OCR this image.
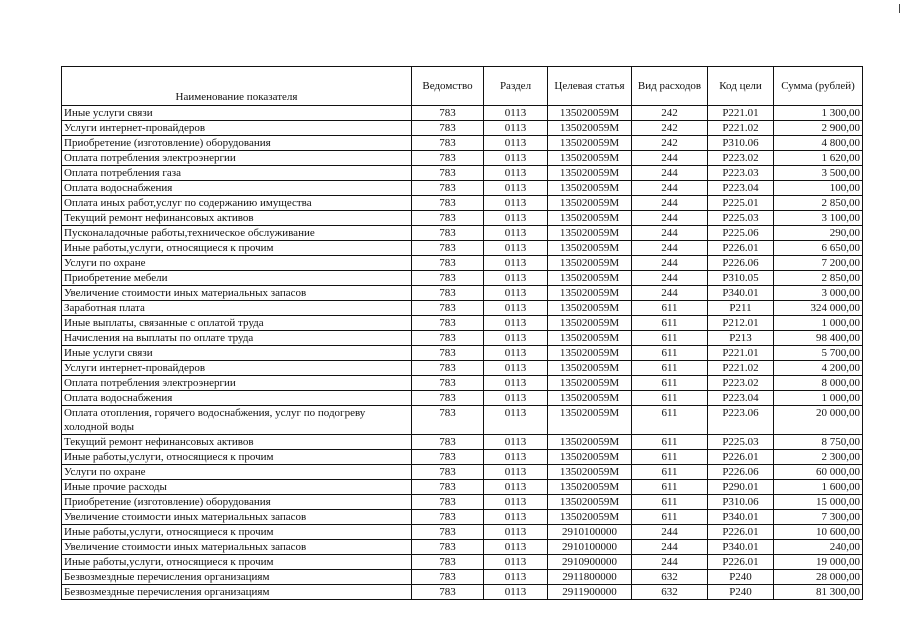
Наименование показателя	Ведомство	Раздел	Целевая статья	Вид расходов	Код цели	Сумма (рублей)
Иные услуги связи	783	0113	135020059М	242	Р221.01	1 300,00
Услуги интернет-провайдеров	783	0113	135020059М	242	Р221.02	2 900,00
Приобретение (изготовление) оборудования	783	0113	135020059М	242	Р310.06	4 800,00
Оплата потребления электроэнергии	783	0113	135020059М	244	Р223.02	1 620,00
Оплата потребления газа	783	0113	135020059М	244	Р223.03	3 500,00
Оплата водоснабжения	783	0113	135020059М	244	Р223.04	100,00
Оплата иных работ,услуг по содержанию имущества	783	0113	135020059М	244	Р225.01	2 850,00
Текущий ремонт нефинансовых активов	783	0113	135020059М	244	Р225.03	3 100,00
Пусконаладочные работы,техническое обслуживание	783	0113	135020059М	244	Р225.06	290,00
Иные работы,услуги, относящиеся к прочим	783	0113	135020059М	244	Р226.01	6 650,00
Услуги по охране	783	0113	135020059М	244	Р226.06	7 200,00
Приобретение мебели	783	0113	135020059М	244	Р310.05	2 850,00
Увеличение стоимости иных материальных запасов	783	0113	135020059М	244	Р340.01	3 000,00
Заработная плата	783	0113	135020059М	611	Р211	324 000,00
Иные выплаты, связанные с оплатой труда	783	0113	135020059М	611	Р212.01	1 000,00
Начисления на выплаты по оплате труда	783	0113	135020059М	611	Р213	98 400,00
Иные услуги связи	783	0113	135020059М	611	Р221.01	5 700,00
Услуги интернет-провайдеров	783	0113	135020059М	611	Р221.02	4 200,00
Оплата потребления электроэнергии	783	0113	135020059М	611	Р223.02	8 000,00
Оплата водоснабжения	783	0113	135020059М	611	Р223.04	1 000,00
Оплата отопления, горячего водоснабжения, услуг по подогреву холодной воды	783	0113	135020059М	611	Р223.06	20 000,00
Текущий ремонт нефинансовых активов	783	0113	135020059М	611	Р225.03	8 750,00
Иные работы,услуги, относящиеся к прочим	783	0113	135020059М	611	Р226.01	2 300,00
Услуги по охране	783	0113	135020059М	611	Р226.06	60 000,00
Иные прочие расходы	783	0113	135020059М	611	Р290.01	1 600,00
Приобретение (изготовление) оборудования	783	0113	135020059М	611	Р310.06	15 000,00
Увеличение стоимости иных материальных запасов	783	0113	135020059М	611	Р340.01	7 300,00
Иные работы,услуги, относящиеся к прочим	783	0113	2910100000	244	Р226.01	10 600,00
Увеличение стоимости иных материальных запасов	783	0113	2910100000	244	Р340.01	240,00
Иные работы,услуги, относящиеся к прочим	783	0113	2910900000	244	Р226.01	19 000,00
Безвозмездные перечисления организациям	783	0113	2911800000	632	Р240	28 000,00
Безвозмездные перечисления организациям	783	0113	2911900000	632	Р240	81 300,00
